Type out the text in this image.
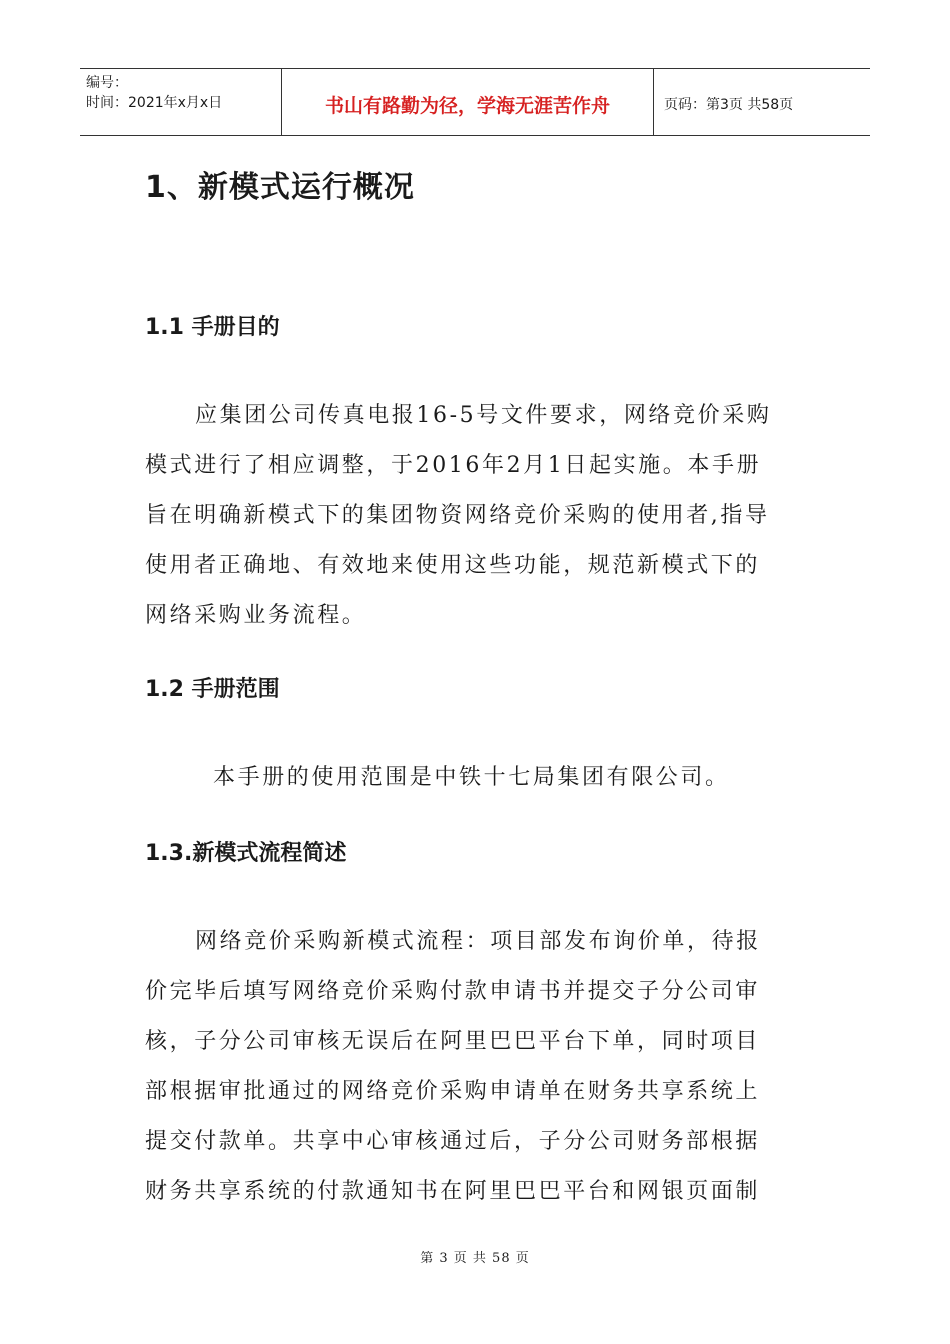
编号：
时间：2021年x月x日	书山有路勤为径，学海无涯苦作舟	页码：第3页 共58页
1、新模式运行概况
1.1 手册目的
应集团公司传真电报16-5号文件要求，网络竞价采购
模式进行了相应调整，于2016年2月1日起实施。本手册
旨在明确新模式下的集团物资网络竞价采购的使用者,指导
使用者正确地、有效地来使用这些功能，规范新模式下的
网络采购业务流程。
1.2 手册范围
本手册的使用范围是中铁十七局集团有限公司。
1.3.新模式流程简述
网络竞价采购新模式流程：项目部发布询价单，待报
价完毕后填写网络竞价采购付款申请书并提交子分公司审
核，子分公司审核无误后在阿里巴巴平台下单，同时项目
部根据审批通过的网络竞价采购申请单在财务共享系统上
提交付款单。共享中心审核通过后，子分公司财务部根据
财务共享系统的付款通知书在阿里巴巴平台和网银页面制
第 3 页 共 58 页
